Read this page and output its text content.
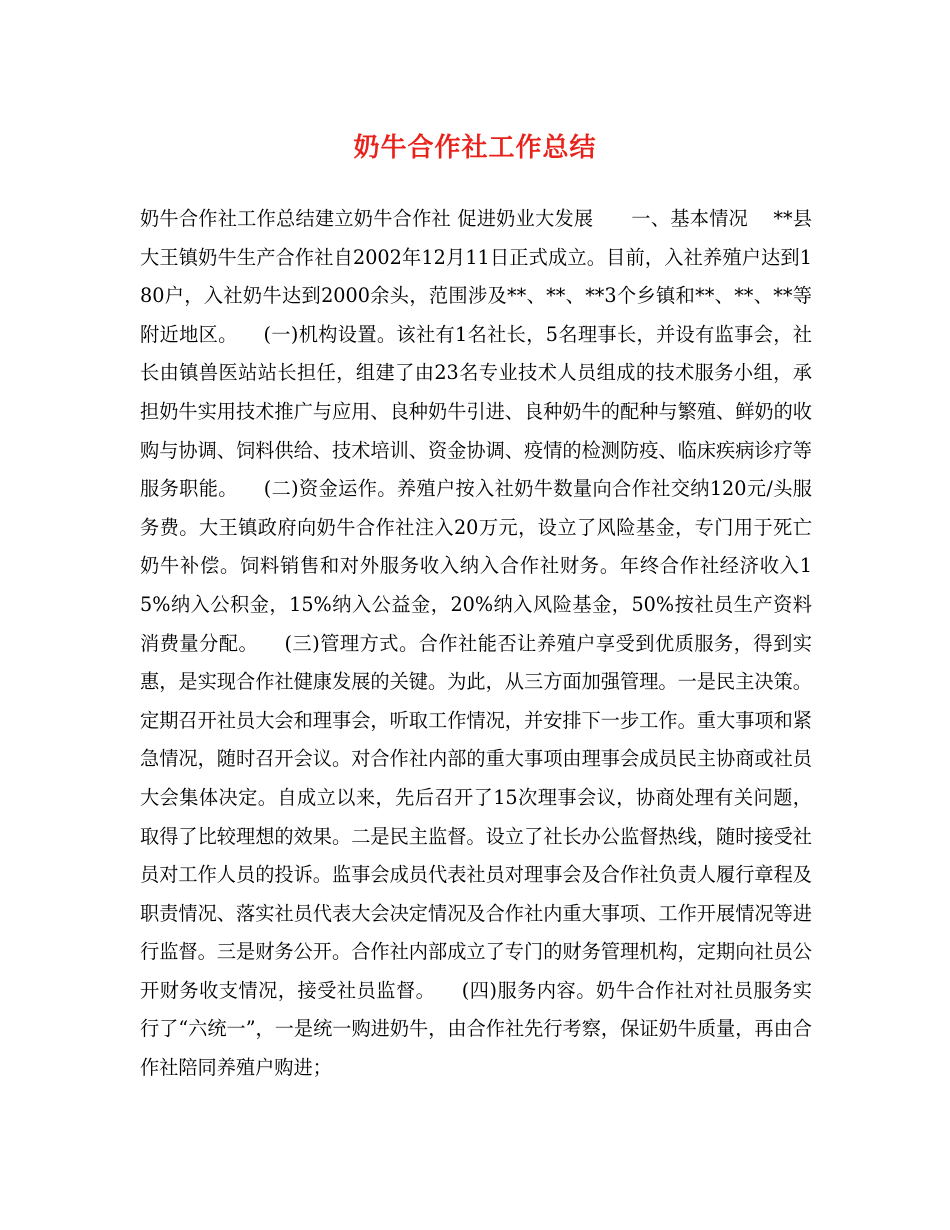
奶牛合作社工作总结

奶牛合作社工作总结建立奶牛合作社 促进奶业大发展      一、基本情况    **县大王镇奶牛生产合作社自2002年12月11日正式成立。目前，入社养殖户达到180户，入社奶牛达到2000余头，范围涉及**、**、**3个乡镇和**、**、**等附近地区。    (一)机构设置。该社有1名社长，5名理事长，并设有监事会，社长由镇兽医站站长担任，组建了由23名专业技术人员组成的技术服务小组，承担奶牛实用技术推广与应用、良种奶牛引进、良种奶牛的配种与繁殖、鲜奶的收购与协调、饲料供给、技术培训、资金协调、疫情的检测防疫、临床疾病诊疗等服务职能。    (二)资金运作。养殖户按入社奶牛数量向合作社交纳120元/头服务费。大王镇政府向奶牛合作社注入20万元，设立了风险基金，专门用于死亡奶牛补偿。饲料销售和对外服务收入纳入合作社财务。年终合作社经济收入15%纳入公积金，15%纳入公益金，20%纳入风险基金，50%按社员生产资料消费量分配。    (三)管理方式。合作社能否让养殖户享受到优质服务，得到实惠，是实现合作社健康发展的关键。为此，从三方面加强管理。一是民主决策。定期召开社员大会和理事会，听取工作情况，并安排下一步工作。重大事项和紧急情况，随时召开会议。对合作社内部的重大事项由理事会成员民主协商或社员大会集体决定。自成立以来，先后召开了15次理事会议，协商处理有关问题，取得了比较理想的效果。二是民主监督。设立了社长办公监督热线，随时接受社员对工作人员的投诉。监事会成员代表社员对理事会及合作社负责人履行章程及职责情况、落实社员代表大会决定情况及合作社内重大事项、工作开展情况等进行监督。三是财务公开。合作社内部成立了专门的财务管理机构，定期向社员公开财务收支情况，接受社员监督。    (四)服务内容。奶牛合作社对社员服务实行了“六统一”，一是统一购进奶牛，由合作社先行考察，保证奶牛质量，再由合作社陪同养殖户购进；
